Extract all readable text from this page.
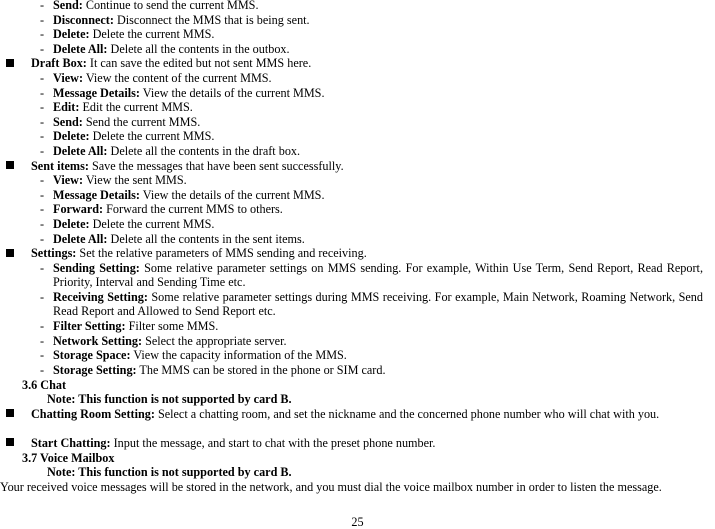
- Send: Continue to send the current MMS.
- Disconnect: Disconnect the MMS that is being sent.
- Delete: Delete the current MMS.
- Delete All: Delete all the contents in the outbox.
Draft Box: It can save the edited but not sent MMS here.
- View: View the content of the current MMS.
- Message Details: View the details of the current MMS.
- Edit: Edit the current MMS.
- Send: Send the current MMS.
- Delete: Delete the current MMS.
- Delete All: Delete all the contents in the draft box.
Sent items: Save the messages that have been sent successfully.
- View: View the sent MMS.
- Message Details: View the details of the current MMS.
- Forward: Forward the current MMS to others.
- Delete: Delete the current MMS.
- Delete All: Delete all the contents in the sent items.
Settings: Set the relative parameters of MMS sending and receiving.
- Sending Setting: Some relative parameter settings on MMS sending. For example, Within Use Term, Send Report, Read Report, Priority, Interval and Sending Time etc.
- Receiving Setting: Some relative parameter settings during MMS receiving. For example, Main Network, Roaming Network, Send Read Report and Allowed to Send Report etc.
- Filter Setting: Filter some MMS.
- Network Setting: Select the appropriate server.
- Storage Space: View the capacity information of the MMS.
- Storage Setting: The MMS can be stored in the phone or SIM card.
3.6 Chat
Note: This function is not supported by card B.
Chatting Room Setting: Select a chatting room, and set the nickname and the concerned phone number who will chat with you.
Start Chatting: Input the message, and start to chat with the preset phone number.
3.7 Voice Mailbox
Note: This function is not supported by card B.
Your received voice messages will be stored in the network, and you must dial the voice mailbox number in order to listen the message.
25
